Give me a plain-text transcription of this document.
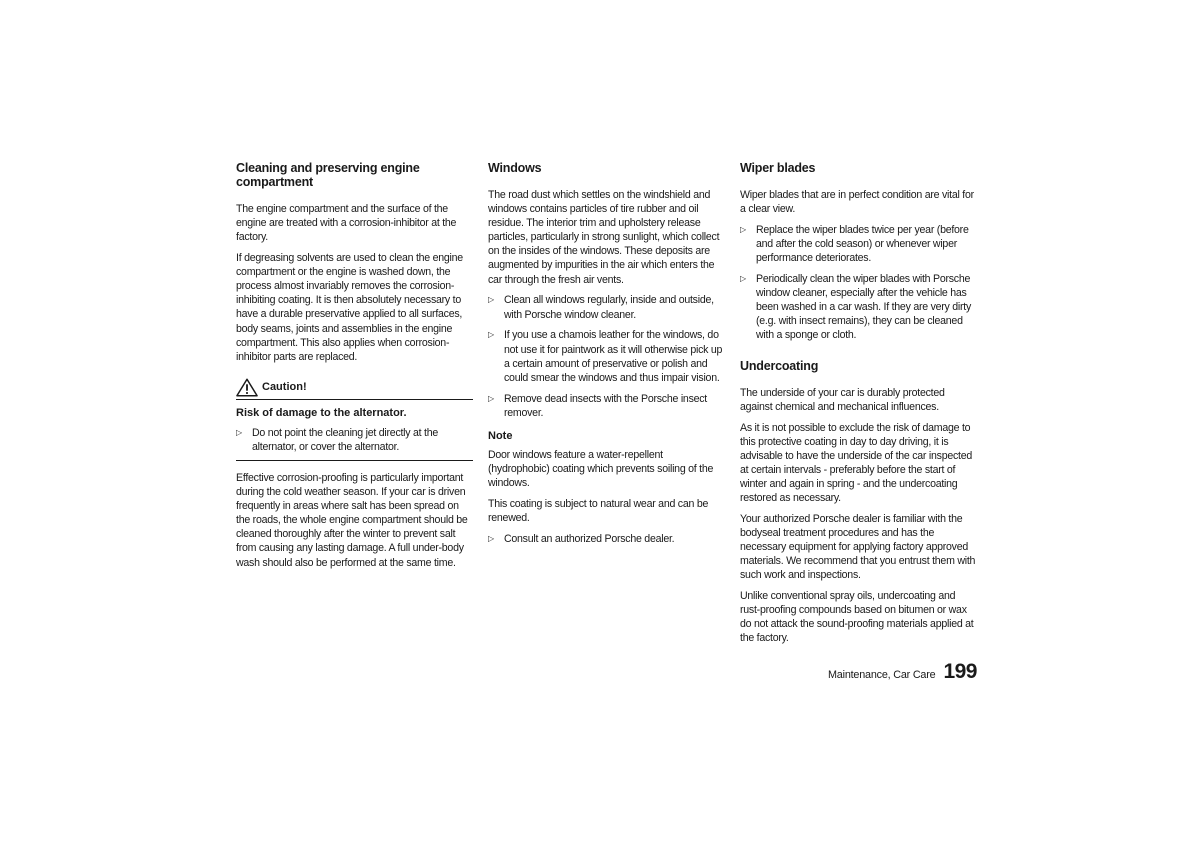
Cleaning and preserving engine compartment

The engine compartment and the surface of the engine are treated with a corrosion-inhibitor at the factory.

If degreasing solvents are used to clean the engine compartment or the engine is washed down, the process almost invariably removes the corrosion-inhibiting coating. It is then absolutely necessary to have a durable preservative applied to all surfaces, body seams, joints and assemblies in the engine compartment. This also applies when corrosion-inhibitor parts are replaced.

Caution!
Risk of damage to the alternator.
▷ Do not point the cleaning jet directly at the alternator, or cover the alternator.

Effective corrosion-proofing is particularly important during the cold weather season. If your car is driven frequently in areas where salt has been spread on the roads, the whole engine compartment should be cleaned thoroughly after the winter to prevent salt from causing any lasting damage. A full under-body wash should also be performed at the same time.

Windows

The road dust which settles on the windshield and windows contains particles of tire rubber and oil residue. The interior trim and upholstery release particles, particularly in strong sunlight, which collect on the insides of the windows. These deposits are augmented by impurities in the air which enters the car through the fresh air vents.

▷ Clean all windows regularly, inside and outside, with Porsche window cleaner.

▷ If you use a chamois leather for the windows, do not use it for paintwork as it will otherwise pick up a certain amount of preservative or polish and could smear the windows and thus impair vision.

▷ Remove dead insects with the Porsche insect remover.

Note

Door windows feature a water-repellent (hydrophobic) coating which prevents soiling of the windows.

This coating is subject to natural wear and can be renewed.

▷ Consult an authorized Porsche dealer.

Wiper blades

Wiper blades that are in perfect condition are vital for a clear view.

▷ Replace the wiper blades twice per year (before and after the cold season) or whenever wiper performance deteriorates.

▷ Periodically clean the wiper blades with Porsche window cleaner, especially after the vehicle has been washed in a car wash. If they are very dirty (e.g. with insect remains), they can be cleaned with a sponge or cloth.

Undercoating

The underside of your car is durably protected against chemical and mechanical influences.

As it is not possible to exclude the risk of damage to this protective coating in day to day driving, it is advisable to have the underside of the car inspected at certain intervals - preferably before the start of winter and again in spring - and the undercoating restored as necessary.

Your authorized Porsche dealer is familiar with the bodyseal treatment procedures and has the necessary equipment for applying factory approved materials. We recommend that you entrust them with such work and inspections.

Unlike conventional spray oils, undercoating and rust-proofing compounds based on bitumen or wax do not attack the sound-proofing materials applied at the factory.

Maintenance, Car Care 199
